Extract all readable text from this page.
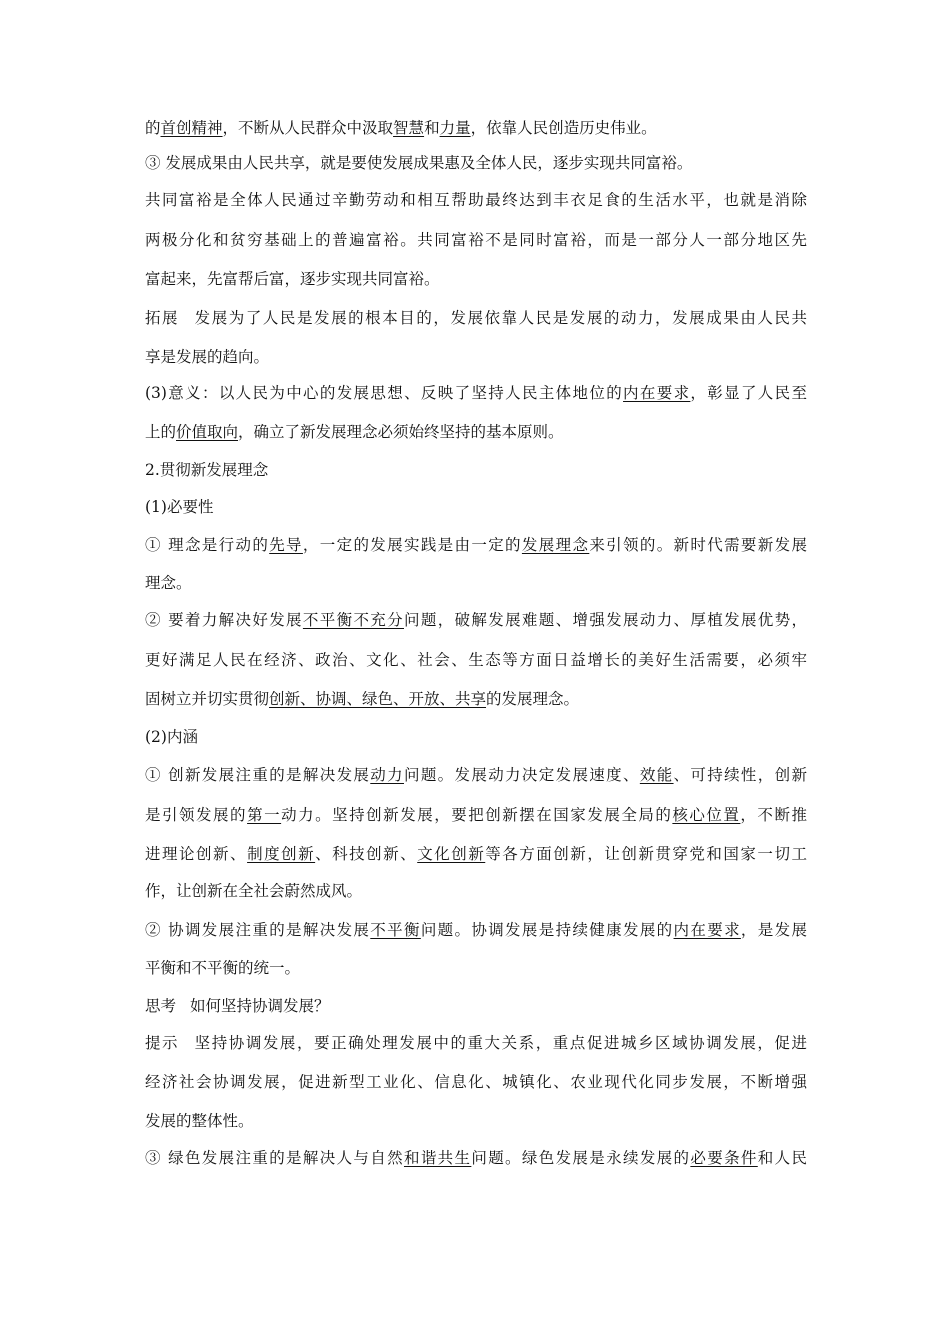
的首创精神，不断从人民群众中汲取智慧和力量，依靠人民创造历史伟业。
③ 发展成果由人民共享，就是要使发展成果惠及全体人民，逐步实现共同富裕。
共同富裕是全体人民通过辛勤劳动和相互帮助最终达到丰衣足食的生活水平，也就是消除
两极分化和贫穷基础上的普遍富裕。共同富裕不是同时富裕，而是一部分人一部分地区先
富起来，先富帮后富，逐步实现共同富裕。
拓展 发展为了人民是发展的根本目的，发展依靠人民是发展的动力，发展成果由人民共
享是发展的趋向。
(3)意义：以人民为中心的发展思想、反映了坚持人民主体地位的内在要求，彰显了人民至
上的价值取向，确立了新发展理念必须始终坚持的基本原则。
2.贯彻新发展理念
(1)必要性
① 理念是行动的先导，一定的发展实践是由一定的发展理念来引领的。新时代需要新发展
理念。
② 要着力解决好发展不平衡不充分问题，破解发展难题、增强发展动力、厚植发展优势，
更好满足人民在经济、政治、文化、社会、生态等方面日益增长的美好生活需要，必须牢
固树立并切实贯彻创新、协调、绿色、开放、共享的发展理念。
(2)内涵
① 创新发展注重的是解决发展动力问题。发展动力决定发展速度、效能、可持续性，创新
是引领发展的第一动力。坚持创新发展，要把创新摆在国家发展全局的核心位置，不断推
进理论创新、制度创新、科技创新、文化创新等各方面创新，让创新贯穿党和国家一切工
作，让创新在全社会蔚然成风。
② 协调发展注重的是解决发展不平衡问题。协调发展是持续健康发展的内在要求，是发展
平衡和不平衡的统一。
思考 如何坚持协调发展？
提示 坚持协调发展，要正确处理发展中的重大关系，重点促进城乡区域协调发展，促进
经济社会协调发展，促进新型工业化、信息化、城镇化、农业现代化同步发展，不断增强
发展的整体性。
③ 绿色发展注重的是解决人与自然和谐共生问题。绿色发展是永续发展的必要条件和人民
